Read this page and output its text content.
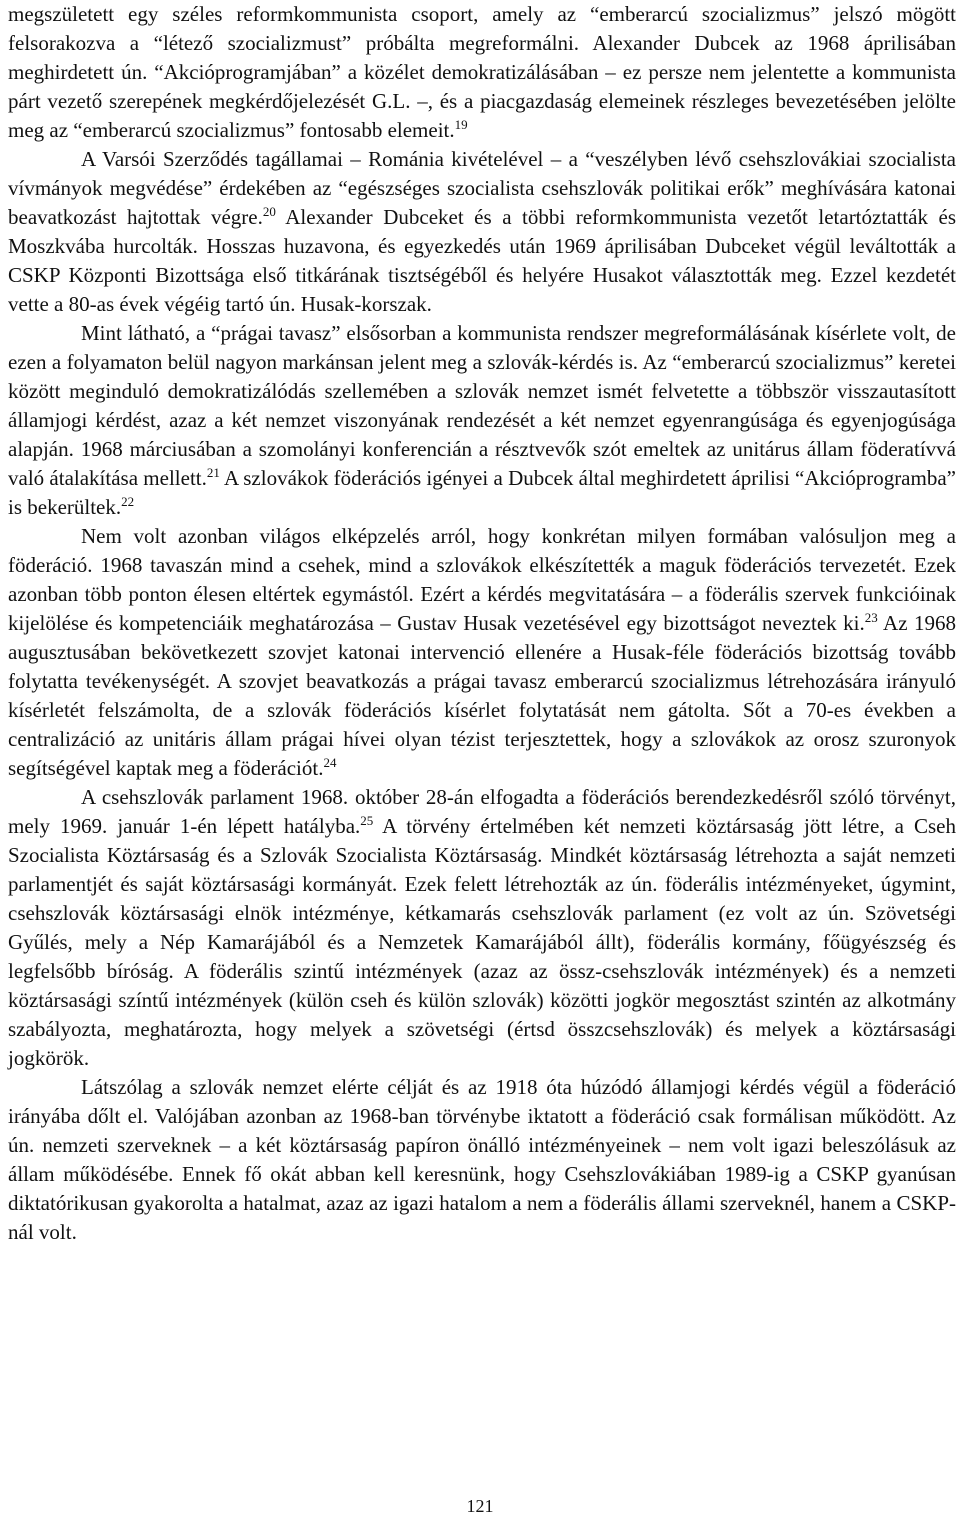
megszületett egy széles reformkommunista csoport, amely az “emberarcú szocializmus” jelszó mögött felsorakozva a “létező szocializmust” próbálta megreformálni. Alexander Dubcek az 1968 áprilisában meghirdetett ún. “Akcióprogramjában” a közélet demokratizálásában – ez persze nem jelentette a kommunista párt vezető szerepének megkérdőjelezését G.L. –, és a piacgazdaság elemeinek részleges bevezetésében jelölte meg az “emberarcú szocializmus” fontosabb elemeit.$^{19}$

A Varsói Szerződés tagállamai – Románia kivételével – a “veszélyben lévő csehszlovákiai szocialista vívmányok megvédése” érdekében az “egészséges szocialista csehszlovák politikai erők” meghívására katonai beavatkozást hajtottak végre.$^{20}$ Alexander Dubceket és a többi reformkommunista vezetőt letartóztatták és Moszkvába hurcolták. Hosszas huzavona, és egyezkedés után 1969 áprilisában Dubceket végül leváltották a CSKP Központi Bizottsága első titkárának tisztségéből és helyére Husakot választották meg. Ezzel kezdetét vette a 80-as évek végéig tartó ún. Husak-korszak.

Mint látható, a “prágai tavasz” elsősorban a kommunista rendszer megreformálásának kísérlete volt, de ezen a folyamaton belül nagyon markánsan jelent meg a szlovák-kérdés is. Az “emberarcú szocializmus” keretei között meginduló demokratizálódás szellemében a szlovák nemzet ismét felvetette a többször visszautasított államjogi kérdést, azaz a két nemzet viszonyának rendezését a két nemzet egyenrangúsága és egyenjogúsága alapján. 1968 márciusában a szomolányi konferencián a résztvevők szót emeltek az unitárus állam föderatívvá való átalakítása mellett.$^{21}$ A szlovákok föderációs igényei a Dubcek által meghirdetett áprilisi “Akcióprogramba” is bekerültek.$^{22}$

Nem volt azonban világos elképzelés arról, hogy konkrétan milyen formában valósuljon meg a föderáció. 1968 tavaszán mind a csehek, mind a szlovákok elkészítették a maguk föderációs tervezetét. Ezek azonban több ponton élesen eltértek egymástól. Ezért a kérdés megvitatására – a föderális szervek funkcióinak kijelölése és kompetenciáik meghatározása – Gustav Husak vezetésével egy bizottságot neveztek ki.$^{23}$ Az 1968 augusztusában bekövetkezett szovjet katonai intervenció ellenére a Husak-féle föderációs bizottság tovább folytatta tevékenységét. A szovjet beavatkozás a prágai tavasz emberarcú szocializmus létrehozására irányuló kísérletét felszámolta, de a szlovák föderációs kísérlet folytatását nem gátolta. Sőt a 70-es években a centralizáció az unitáris állam prágai hívei olyan tézist terjesztettek, hogy a szlovákok az orosz szuronyok segítségével kaptak meg a föderációt.$^{24}$

A csehszlovák parlament 1968. október 28-án elfogadta a föderációs berendezkedésről szóló törvényt, mely 1969. január 1-én lépett hatályba.$^{25}$ A törvény értelmében két nemzeti köztársaság jött létre, a Cseh Szocialista Köztársaság és a Szlovák Szocialista Köztársaság. Mindkét köztársaság létrehozta a saját nemzeti parlamentjét és saját köztársasági kormányát. Ezek felett létrehozták az ún. föderális intézményeket, úgymint, csehszlovák köztársasági elnök intézménye, kétkamarás csehszlovák parlament (ez volt az ún. Szövetségi Gyűlés, mely a Nép Kamarájából és a Nemzetek Kamarájából állt), föderális kormány, főügyészség és legfelsőbb bíróság. A föderális szintű intézmények (azaz az össz-csehszlovák intézmények) és a nemzeti köztársasági színtű intézmények (külön cseh és külön szlovák) közötti jogkör megosztást szintén az alkotmány szabályozta, meghatározta, hogy melyek a szövetségi (értsd összcsehszlovák) és melyek a köztársasági jogkörök.

Látszólag a szlovák nemzet elérte célját és az 1918 óta húzódó államjogi kérdés végül a föderáció irányába dőlt el. Valójában azonban az 1968-ban törvénybe iktatott a föderáció csak formálisan működött. Az ún. nemzeti szerveknek – a két köztársaság papíron önálló intézményeinek – nem volt igazi beleszólásuk az állam működésébe. Ennek fő okát abban kell keresnünk, hogy Csehszlovákiában 1989-ig a CSKP gyanúsan diktatórikusan gyakorolta a hatalmat, azaz az igazi hatalom a nem a föderális állami szerveknél, hanem a CSKP-nál volt.

121
